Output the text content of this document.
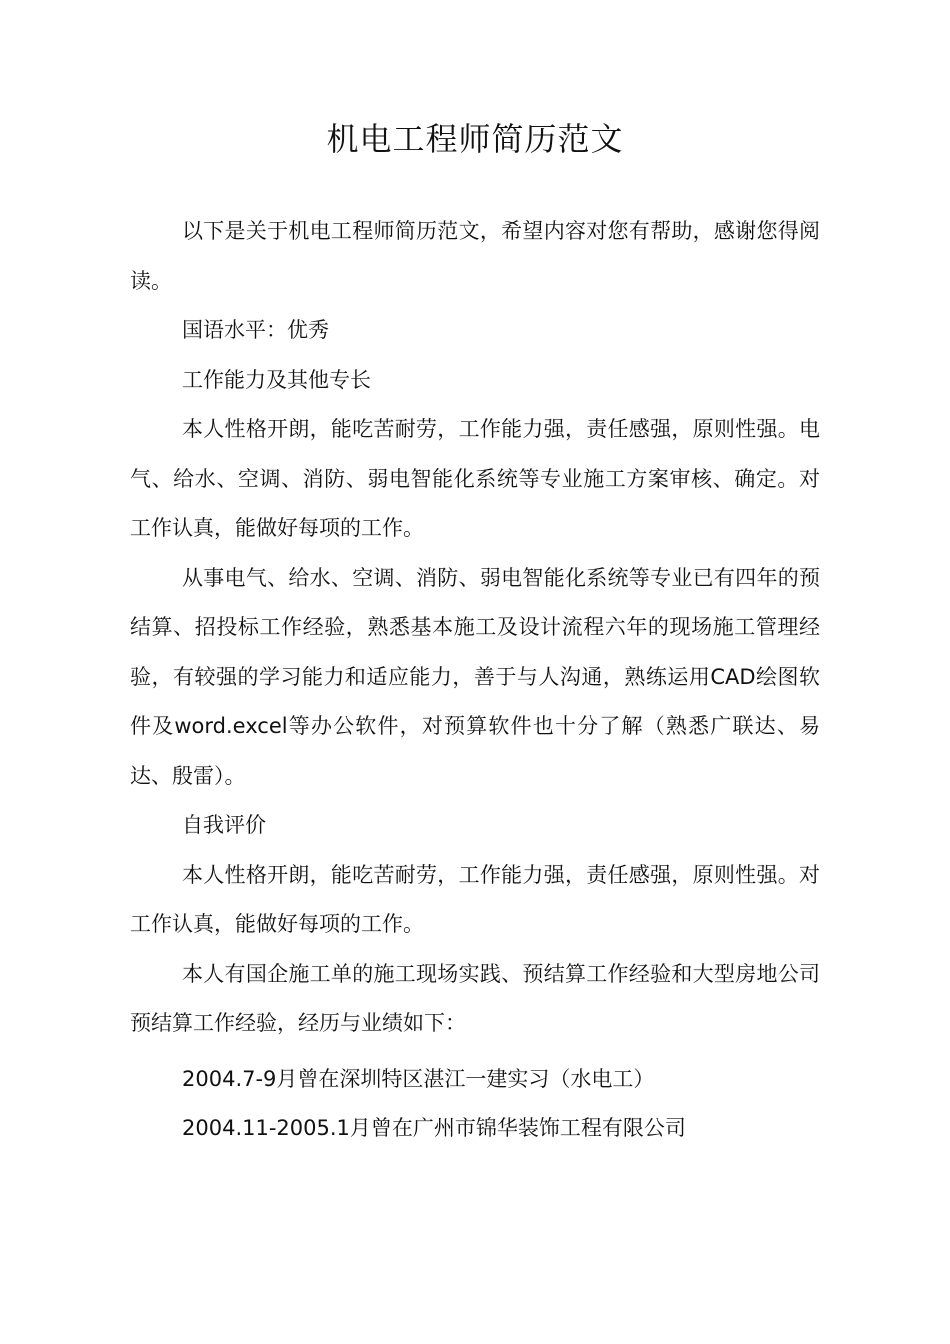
机电工程师简历范文

以下是关于机电工程师简历范文，希望内容对您有帮助，感谢您得阅读。

国语水平：优秀

工作能力及其他专长

本人性格开朗，能吃苦耐劳，工作能力强，责任感强，原则性强。电气、给水、空调、消防、弱电智能化系统等专业施工方案审核、确定。对工作认真，能做好每项的工作。

从事电气、给水、空调、消防、弱电智能化系统等专业已有四年的预结算、招投标工作经验，熟悉基本施工及设计流程六年的现场施工管理经验，有较强的学习能力和适应能力，善于与人沟通，熟练运用CAD绘图软件及word.excel等办公软件，对预算软件也十分了解（熟悉广联达、易达、殷雷）。

自我评价

本人性格开朗，能吃苦耐劳，工作能力强，责任感强，原则性强。对工作认真，能做好每项的工作。

本人有国企施工单的施工现场实践、预结算工作经验和大型房地公司预结算工作经验，经历与业绩如下：

2004.7-9月曾在深圳特区湛江一建实习（水电工）

2004.11-2005.1月曾在广州市锦华装饰工程有限公司
